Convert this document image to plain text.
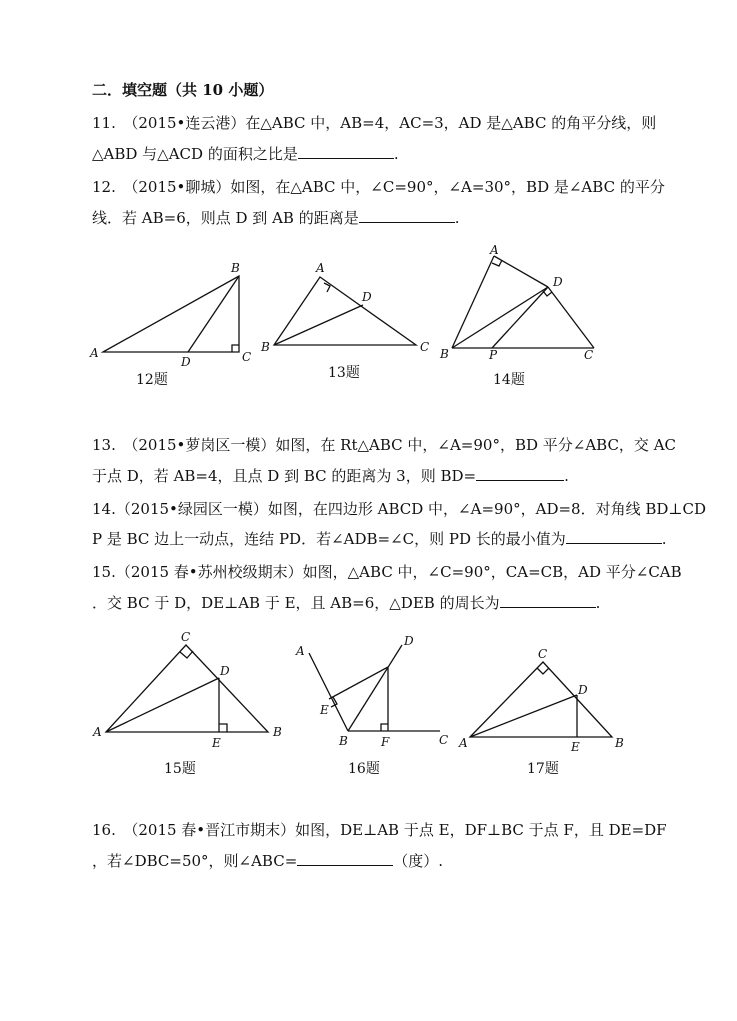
二．填空题（共 10 小题）
11.　（2015•连云港）在△ABC 中，AB=4，AC=3，AD 是△ABC 的角平分线，则
△ABD 与△ACD 的面积之比是	.
12.　（2015•聊城）如图，在△ABC 中，∠C=90°，∠A=30°，BD 是∠ABC 的平分
线．若 AB=6，则点 D 到 AB 的距离是	.
13.　（2015•萝岗区一模）如图，在 Rt△ABC 中，∠A=90°，BD 平分∠ABC，交 AC
于点 D，若 AB=4，且点 D 到 BC 的距离为 3，则 BD=	.
14.（2015•绿园区一模）如图，在四边形 ABCD 中，∠A=90°，AD=8．对角线 BD⊥CD
P 是 BC 边上一动点，连结 PD．若∠ADB=∠C，则 PD 长的最小值为	.
15.（2015 春•苏州校级期末）如图，△ABC 中，∠C=90°，CA=CB，AD 平分∠CAB
．交 BC 于 D，DE⊥AB 于 E，且 AB=6，△DEB 的周长为	.
16.　（2015 春•晋江市期末）如图，DE⊥AB 于点 E，DF⊥BC 于点 F，且 DE=DF
，若∠DBC=50°，则∠ABC=	（度）.
A
B
C
D
12题
A
B	C
D
13题
A
B	C
D
P
14题
A	B
C
D
E
15题
A
B	C
D
E
F
16题
A	B
C
D
E
17题
